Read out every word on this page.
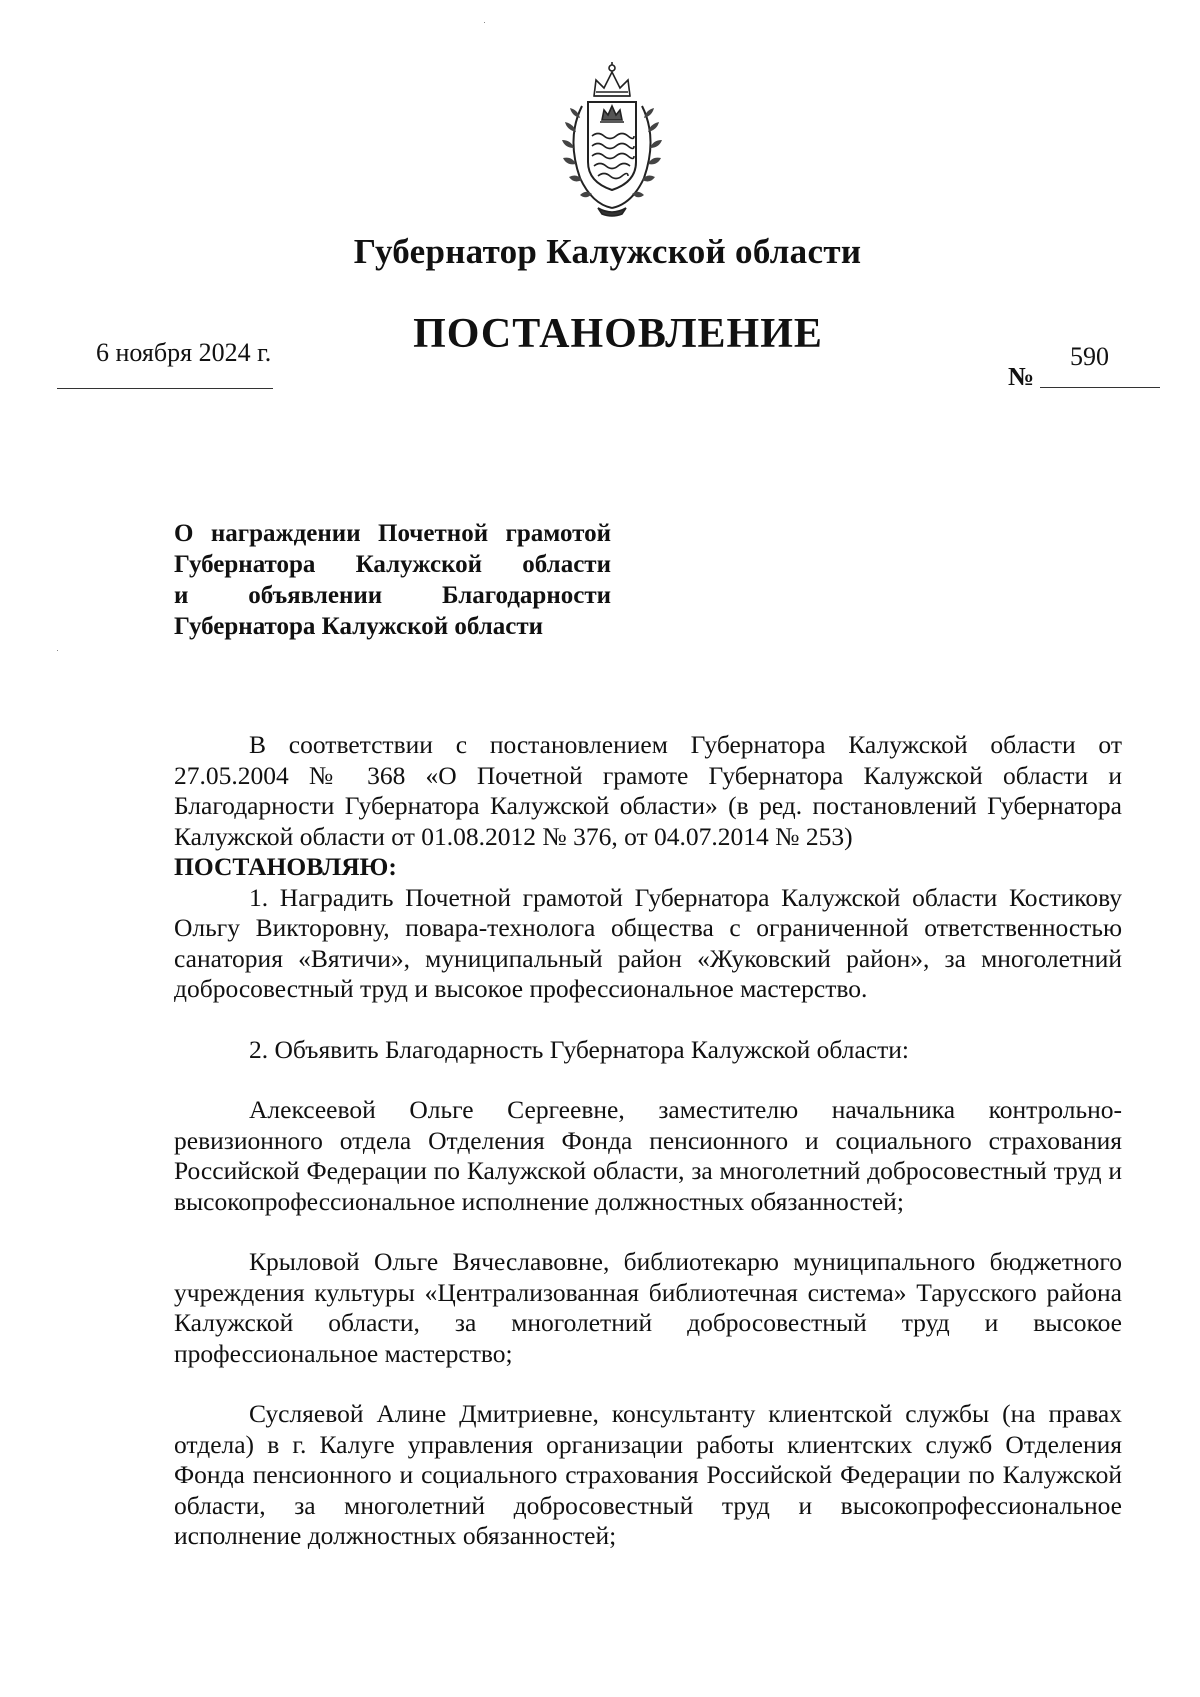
Губернатор Калужской области
ПОСТАНОВЛЕНИЕ
6 ноября 2024 г.
№
590
О награждении Почетной грамотой
Губернатора Калужской области
и объявлении Благодарности
Губернатора Калужской области

В соответствии с постановлением Губернатора Калужской области от 27.05.2004 № 368 «О Почетной грамоте Губернатора Калужской области и Благодарности Губернатора Калужской области» (в ред. постановлений Губернатора Калужской области от 01.08.2012 № 376, от 04.07.2014 № 253)

ПОСТАНОВЛЯЮ:

1. Наградить Почетной грамотой Губернатора Калужской области Костикову Ольгу Викторовну, повара-технолога общества с ограниченной ответственностью санатория «Вятичи», муниципальный район «Жуковский район», за многолетний добросовестный труд и высокое профессиональное мастерство.

2. Объявить Благодарность Губернатора Калужской области:

Алексеевой Ольге Сергеевне, заместителю начальника контрольно-ревизионного отдела Отделения Фонда пенсионного и социального страхования Российской Федерации по Калужской области, за многолетний добросовестный труд и высокопрофессиональное исполнение должностных обязанностей;

Крыловой Ольге Вячеславовне, библиотекарю муниципального бюджетного учреждения культуры «Централизованная библиотечная система» Тарусского района Калужской области, за многолетний добросовестный труд и высокое профессиональное мастерство;

Сусляевой Алине Дмитриевне, консультанту клиентской службы (на правах отдела) в г. Калуге управления организации работы клиентских служб Отделения Фонда пенсионного и социального страхования Российской Федерации по Калужской области, за многолетний добросовестный труд и высокопрофессиональное исполнение должностных обязанностей;
